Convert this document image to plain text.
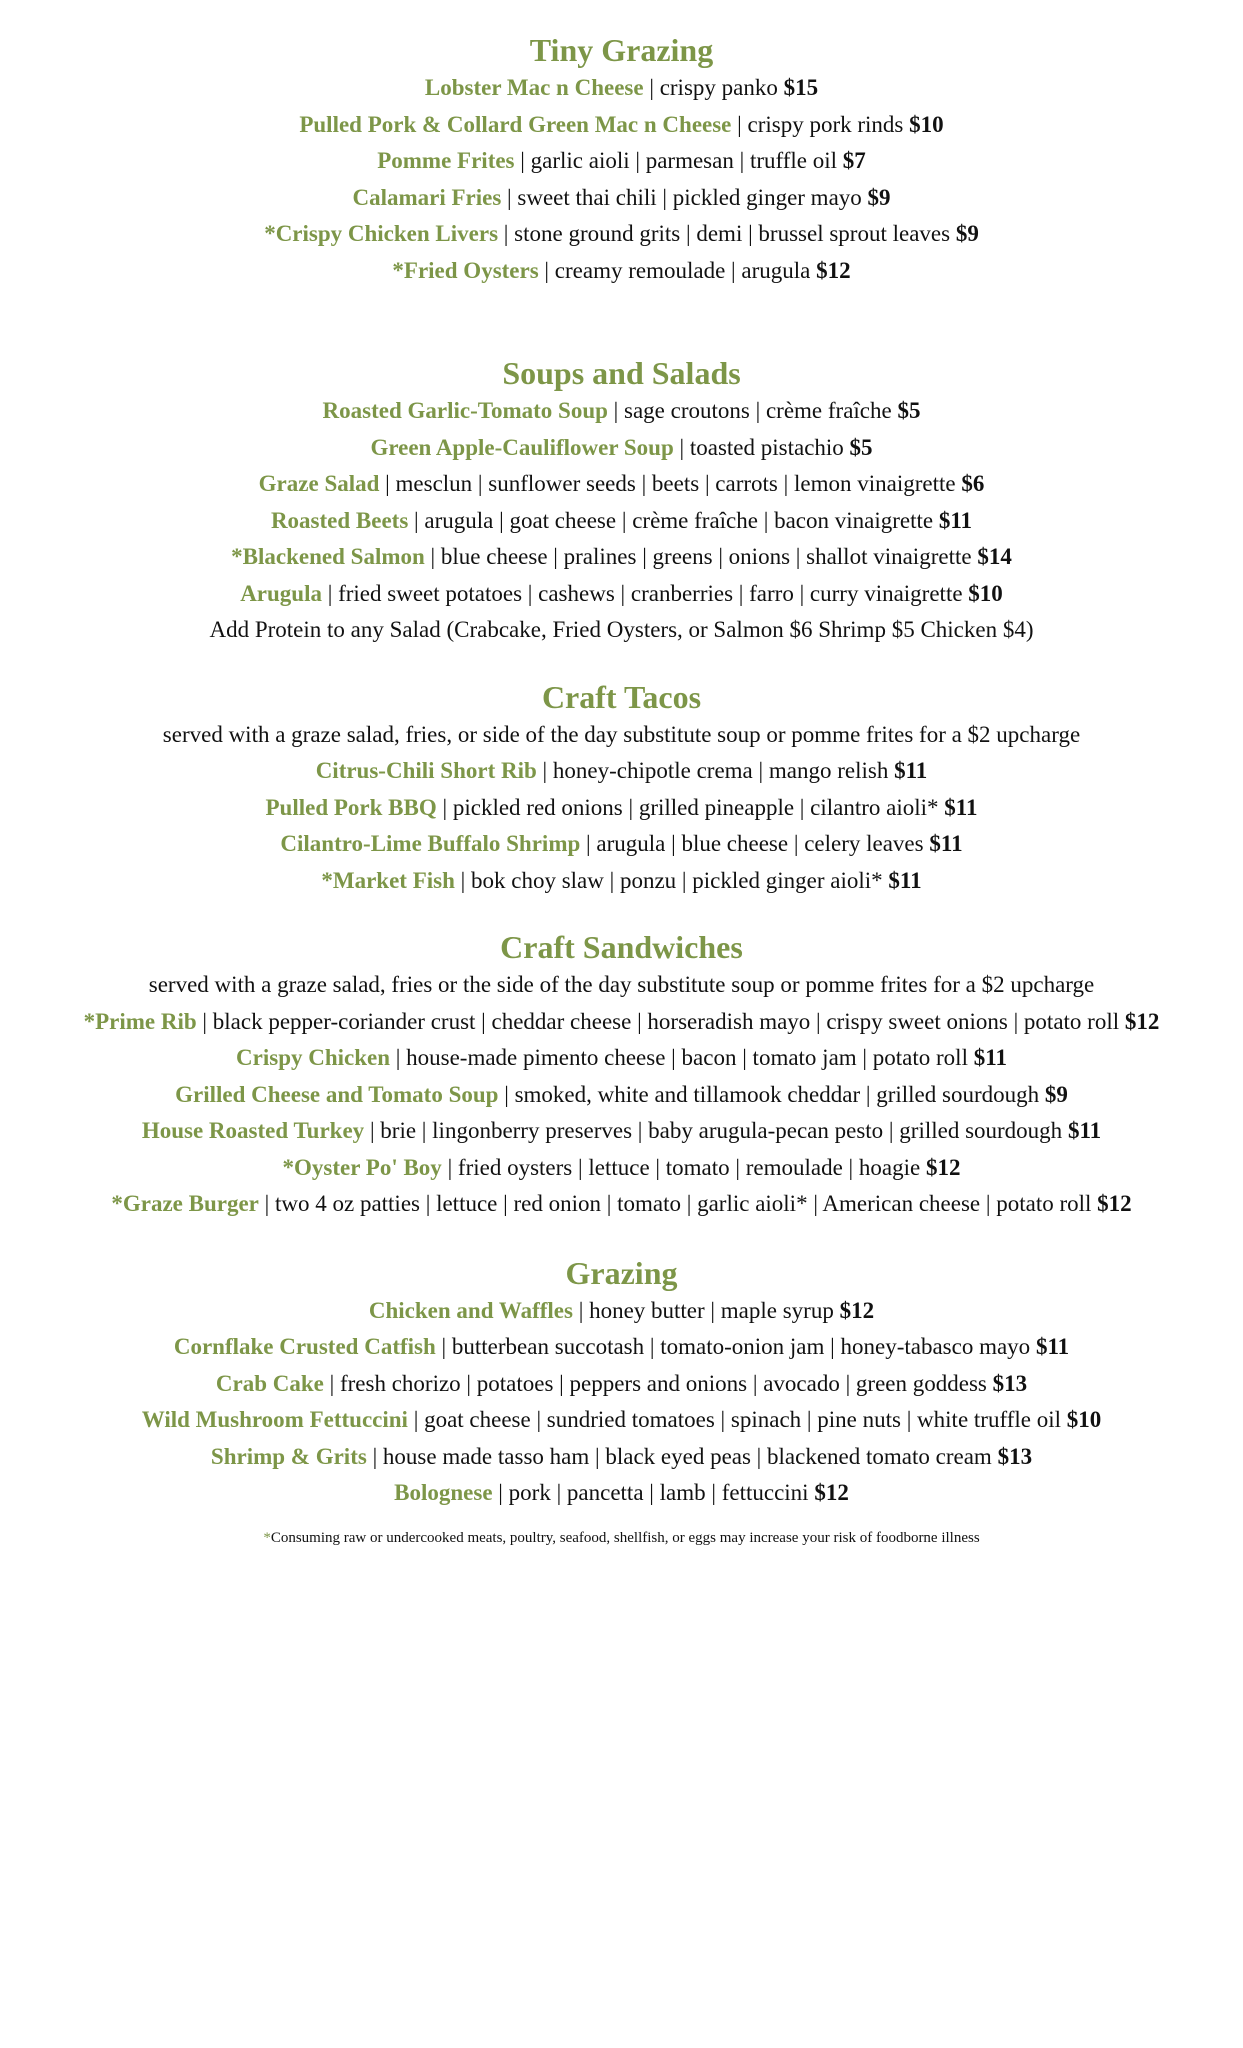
Tiny Grazing
Lobster Mac n Cheese | crispy panko $15
Pulled Pork & Collard Green Mac n Cheese | crispy pork rinds $10
Pomme Frites | garlic aioli | parmesan | truffle oil $7
Calamari Fries | sweet thai chili | pickled ginger mayo $9
*Crispy Chicken Livers | stone ground grits | demi | brussel sprout leaves $9
*Fried Oysters | creamy remoulade | arugula $12
Soups and Salads
Roasted Garlic-Tomato Soup | sage croutons | crème fraîche $5
Green Apple-Cauliflower Soup | toasted pistachio $5
Graze Salad | mesclun | sunflower seeds | beets | carrots | lemon vinaigrette $6
Roasted Beets | arugula | goat cheese | crème fraîche | bacon vinaigrette $11
*Blackened Salmon | blue cheese | pralines | greens | onions | shallot vinaigrette $14
Arugula | fried sweet potatoes | cashews | cranberries | farro | curry vinaigrette $10
Add Protein to any Salad (Crabcake, Fried Oysters, or Salmon $6 Shrimp $5 Chicken $4)
Craft Tacos
served with a graze salad, fries, or side of the day substitute soup or pomme frites for a $2 upcharge
Citrus-Chili Short Rib | honey-chipotle crema | mango relish $11
Pulled Pork BBQ | pickled red onions | grilled pineapple | cilantro aioli* $11
Cilantro-Lime Buffalo Shrimp | arugula | blue cheese | celery leaves $11
*Market Fish | bok choy slaw | ponzu | pickled ginger aioli* $11
Craft Sandwiches
served with a graze salad, fries or the side of the day substitute soup or pomme frites for a $2 upcharge
*Prime Rib | black pepper-coriander crust | cheddar cheese | horseradish mayo | crispy sweet onions | potato roll $12
Crispy Chicken | house-made pimento cheese | bacon | tomato jam | potato roll $11
Grilled Cheese and Tomato Soup | smoked, white and tillamook cheddar | grilled sourdough $9
House Roasted Turkey | brie | lingonberry preserves | baby arugula-pecan pesto | grilled sourdough $11
*Oyster Po' Boy | fried oysters | lettuce | tomato | remoulade | hoagie $12
*Graze Burger | two 4 oz patties | lettuce | red onion | tomato | garlic aioli* | American cheese | potato roll $12
Grazing
Chicken and Waffles | honey butter | maple syrup $12
Cornflake Crusted Catfish | butterbean succotash | tomato-onion jam | honey-tabasco mayo $11
Crab Cake | fresh chorizo | potatoes | peppers and onions | avocado | green goddess $13
Wild Mushroom Fettuccini | goat cheese | sundried tomatoes | spinach | pine nuts | white truffle oil $10
Shrimp & Grits | house made tasso ham | black eyed peas | blackened tomato cream $13
Bolognese | pork | pancetta | lamb | fettuccini $12
*Consuming raw or undercooked meats, poultry, seafood, shellfish, or eggs may increase your risk of foodborne illness
